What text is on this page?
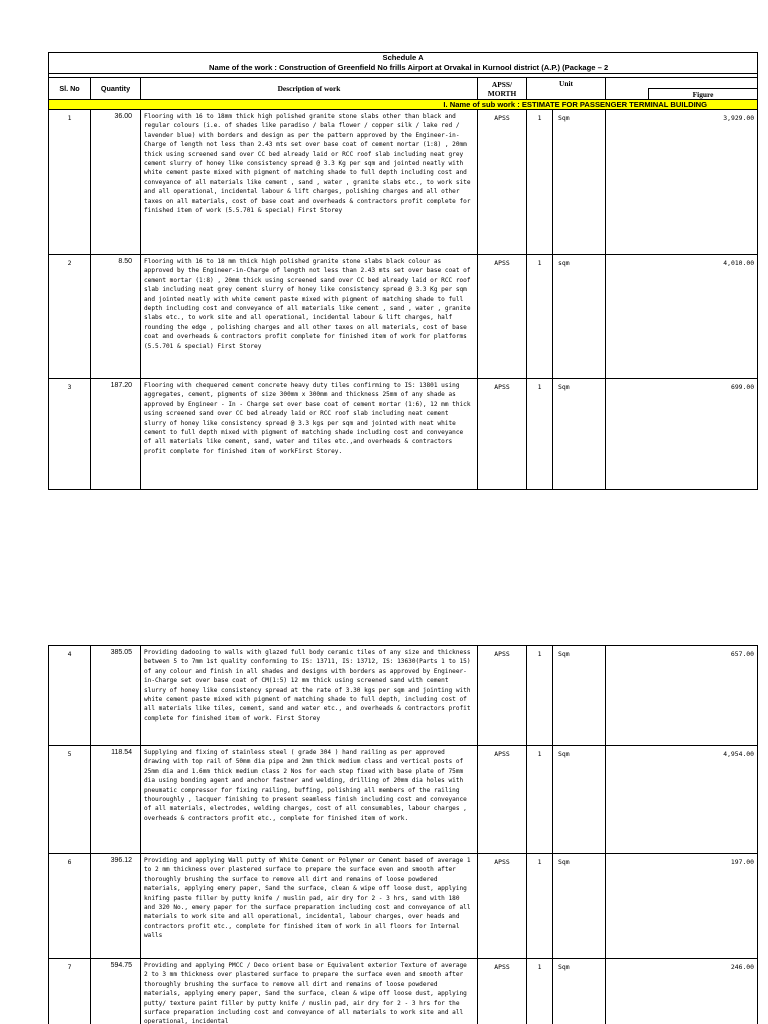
Schedule A							
Name of the work : Construction of Greenfield No frills Airport at Orvakal in Kurnool district (A.P.) (Package – 2							

Sl. No	Quantity	Description of work	APSS/ MORTH	Unit			
							Figure
I. Name of sub work : ESTIMATE FOR PASSENGER TERMINAL BUILDING							
1	36.00	Flooring with 16 to 18mm thick high polished granite stone slabs other than black and regular colours (i.e. of shades like paradiso / bala flower / copper silk / lake red / lavender blue) with borders and design as per the pattern approved by the Engineer-in-Charge of length not less than 2.43 mts set over base coat of cement mortar (1:8) , 20mm thick using screened sand over CC bed already laid or RCC roof slab including neat grey cement slurry of honey like consistency spread @ 3.3 Kg per sqm and jointed neatly with white cement paste mixed with pigment of matching shade to full depth including cost and conveyance of all materials like cement , sand , water , granite slabs etc., to work site and all operational, incidental labour & lift charges, polishing charges and all other taxes on all materials, cost of base coat and overheads & contractors profit complete for finished item of work (5.5.701 & special) First Storey	APSS	1	Sqm		3,929.00
2	8.50	Flooring with 16 to 18 mm thick high polished granite stone slabs black colour as approved by the Engineer-in-Charge of length not less than 2.43 mts set over base coat of cement mortar (1:8) , 20mm thick using screened sand over CC bed already laid or RCC roof slab including neat grey cement slurry of honey like consistency spread @ 3.3 Kg per sqm and jointed neatly with white cement paste mixed with pigment of matching shade to full depth including cost and conveyance of all materials like cement , sand , water , granite slabs etc., to work site and all operational, incidental labour & lift charges, half rounding the edge , polishing charges and all other taxes on all materials, cost of base coat and overheads & contractors profit complete for finished item of work for platforms (5.5.701 & special) First Storey	APSS	1	sqm		4,010.00
3	187.20	Flooring with chequered cement concrete heavy duty tiles confirming to IS: 13801 using aggregates, cement, pigments of size 300mm x 300mm and thickness 25mm of any shade as approved by Engineer - In - Charge set over base coat of cement mortar (1:6), 12 mm thick using screened sand over CC bed already laid or RCC roof slab including neat cement slurry of honey like consistency spread @ 3.3 kgs per sqm and jointed with neat white cement to full depth mixed with pigment of matching shade including cost and conveyance of all materials like cement, sand, water and tiles etc.,and overheads & contractors profit complete for finished item of workFirst Storey.	APSS	1	Sqm		699.00
4	385.05	Providing dadooing to walls with glazed full body ceramic tiles of any size and thickness between 5 to 7mm 1st quality conforming to IS: 13711, IS: 13712, IS: 13630(Parts 1 to 15) of any colour and finish in all shades and designs with borders as approved by Engineer-in-Charge set over base coat of CM(1:5) 12 mm thick using screened sand with cement slurry of honey like consistency spread at the rate of 3.30 kgs per sqm and jointing with white cement paste mixed with pigment of matching shade to full depth, including cost of all materials like tiles, cement, sand and water etc., and overheads & contractors profit complete for finished item of work. First Storey	APSS	1	Sqm		657.00
5	118.54	Supplying and fixing of stainless steel ( grade 304 ) hand railing as per approved drawing with top rail of 50mm dia pipe and 2mm thick medium class and vertical posts of 25mm dia and 1.6mm thick medium class 2 Nos for each step fixed with base plate of 75mm dia using bonding agent and anchor fastner and welding, drilling of 20mm dia holes with pneumatic compressor for fixing railing, buffing, polishing all members of the railing thouroughly , lacquer finishing to present seamless finish including cost and conveyance of all materials, electrodes, welding charges, cost of all consumables, labour charges , overheads & contractors profit etc., complete for finished item of work.	APSS	1	Sqm		4,954.00
6	396.12	Providing and applying Wall putty of White Cement or Polymer or Cement based of average 1 to 2 mm thickness over plastered surface to prepare the surface even and smooth after thoroughly brushing the surface to remove all dirt and remains of loose powdered materials, applying emery paper, Sand the surface, clean & wipe off loose dust, applying knifing paste filler by putty knife / muslin pad, air dry for 2 - 3 hrs, sand with 180 and 320 No., emery paper for the surface preparation including cost and conveyance of all materials to work site and all operational, incidental, labour charges, over heads and contractors profit etc., complete for finished item of work in all floors for Internal walls	APSS	1	Sqm		197.00
7	594.75	Providing and applying PMCC / Deco orient base or Equivalent exterior Texture of average 2 to 3 mm thickness over plastered surface to prepare the surface even and smooth after thoroughly brushing the surface to remove all dirt and remains of loose powdered materials, applying emery paper, Sand the surface, clean & wipe off loose dust, applying putty/ texture paint filler by putty knife / muslin pad, air dry for 2 - 3 hrs for the surface preparation including cost and conveyance of all materials to work site and all operational, incidental	APSS	1	Sqm		246.00
